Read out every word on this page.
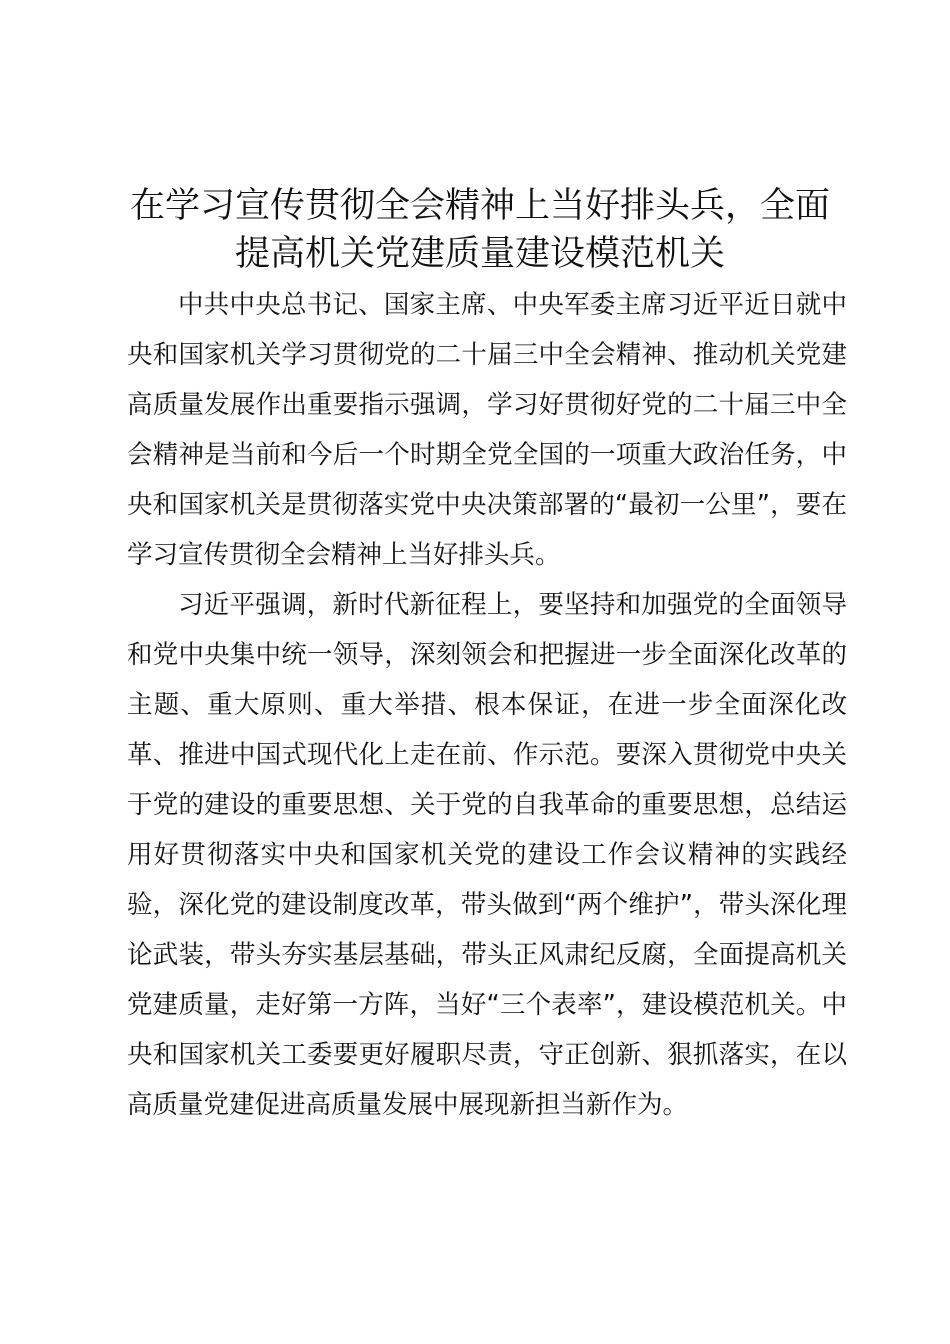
在学习宣传贯彻全会精神上当好排头兵，全面
提高机关党建质量建设模范机关

中共中央总书记、国家主席、中央军委主席习近平近日就中央和国家机关学习贯彻党的二十届三中全会精神、推动机关党建高质量发展作出重要指示强调，学习好贯彻好党的二十届三中全会精神是当前和今后一个时期全党全国的一项重大政治任务，中央和国家机关是贯彻落实党中央决策部署的“最初一公里”，要在学习宣传贯彻全会精神上当好排头兵。

习近平强调，新时代新征程上，要坚持和加强党的全面领导和党中央集中统一领导，深刻领会和把握进一步全面深化改革的主题、重大原则、重大举措、根本保证，在进一步全面深化改革、推进中国式现代化上走在前、作示范。要深入贯彻党中央关于党的建设的重要思想、关于党的自我革命的重要思想，总结运用好贯彻落实中央和国家机关党的建设工作会议精神的实践经验，深化党的建设制度改革，带头做到“两个维护”，带头深化理论武装，带头夯实基层基础，带头正风肃纪反腐，全面提高机关党建质量，走好第一方阵，当好“三个表率”，建设模范机关。中央和国家机关工委要更好履职尽责，守正创新、狠抓落实，在以高质量党建促进高质量发展中展现新担当新作为。
